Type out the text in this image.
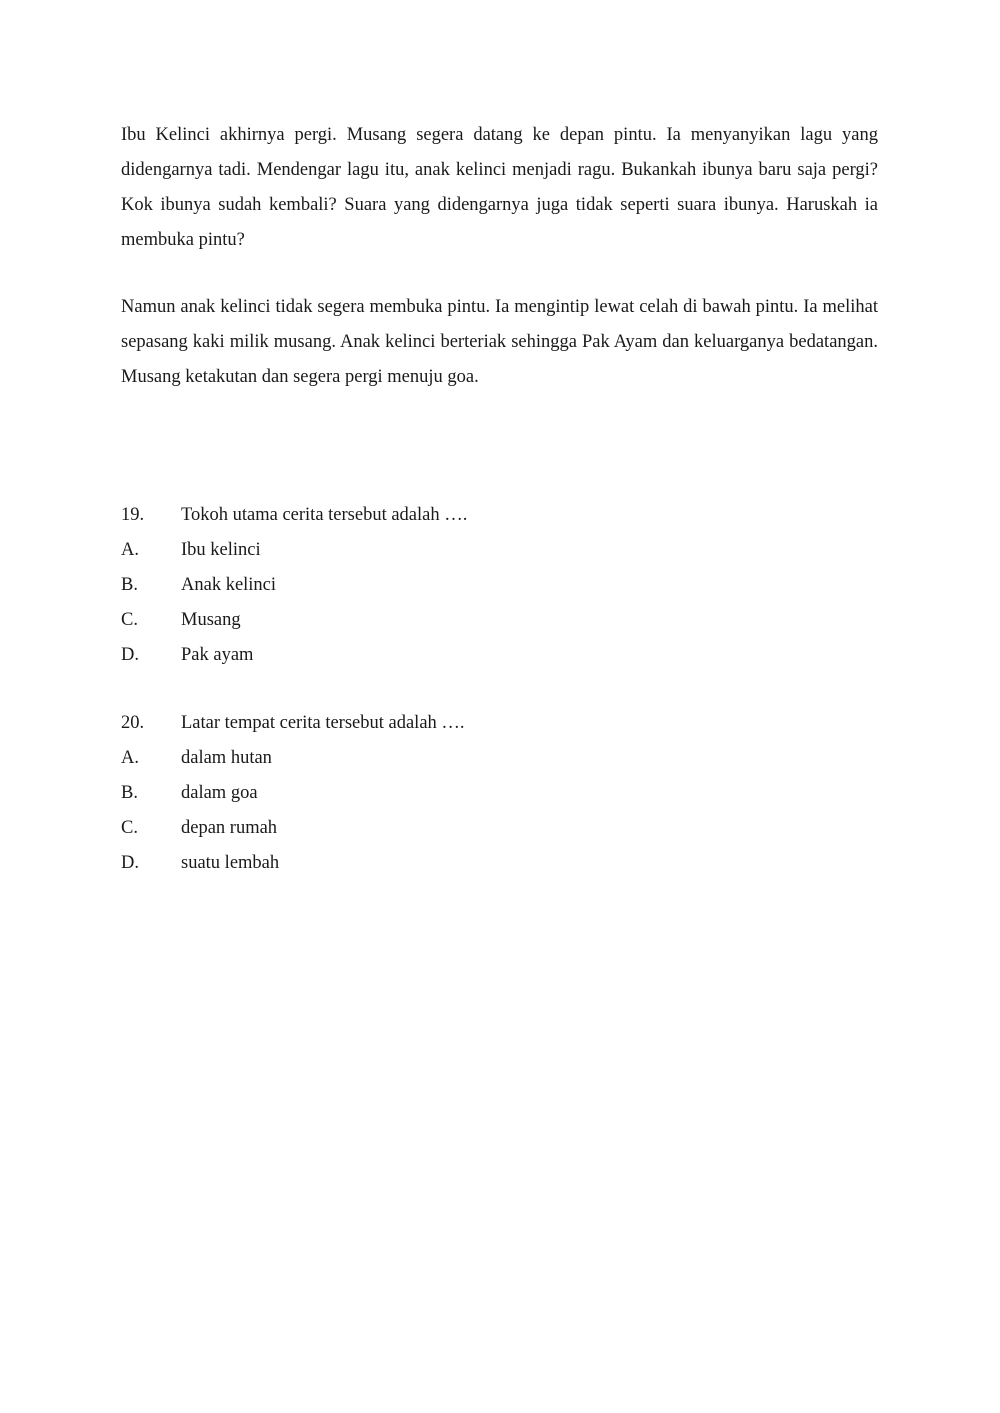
Ibu Kelinci akhirnya pergi. Musang segera datang ke depan pintu. Ia menyanyikan lagu yang didengarnya tadi. Mendengar lagu itu, anak kelinci menjadi ragu. Bukankah ibunya baru saja pergi? Kok ibunya sudah kembali? Suara yang didengarnya juga tidak seperti suara ibunya. Haruskah ia membuka pintu?

Namun anak kelinci tidak segera membuka pintu. Ia mengintip lewat celah di bawah pintu. Ia melihat sepasang kaki milik musang. Anak kelinci berteriak sehingga Pak Ayam dan keluarganya bedatangan. Musang ketakutan dan segera pergi menuju goa.

19.	Tokoh utama cerita tersebut adalah ….
A.	Ibu kelinci
B.	Anak kelinci
C.	Musang
D.	Pak ayam
20.	Latar tempat cerita tersebut adalah ….
A.	dalam hutan
B.	dalam goa
C.	depan rumah
D.	suatu lembah
